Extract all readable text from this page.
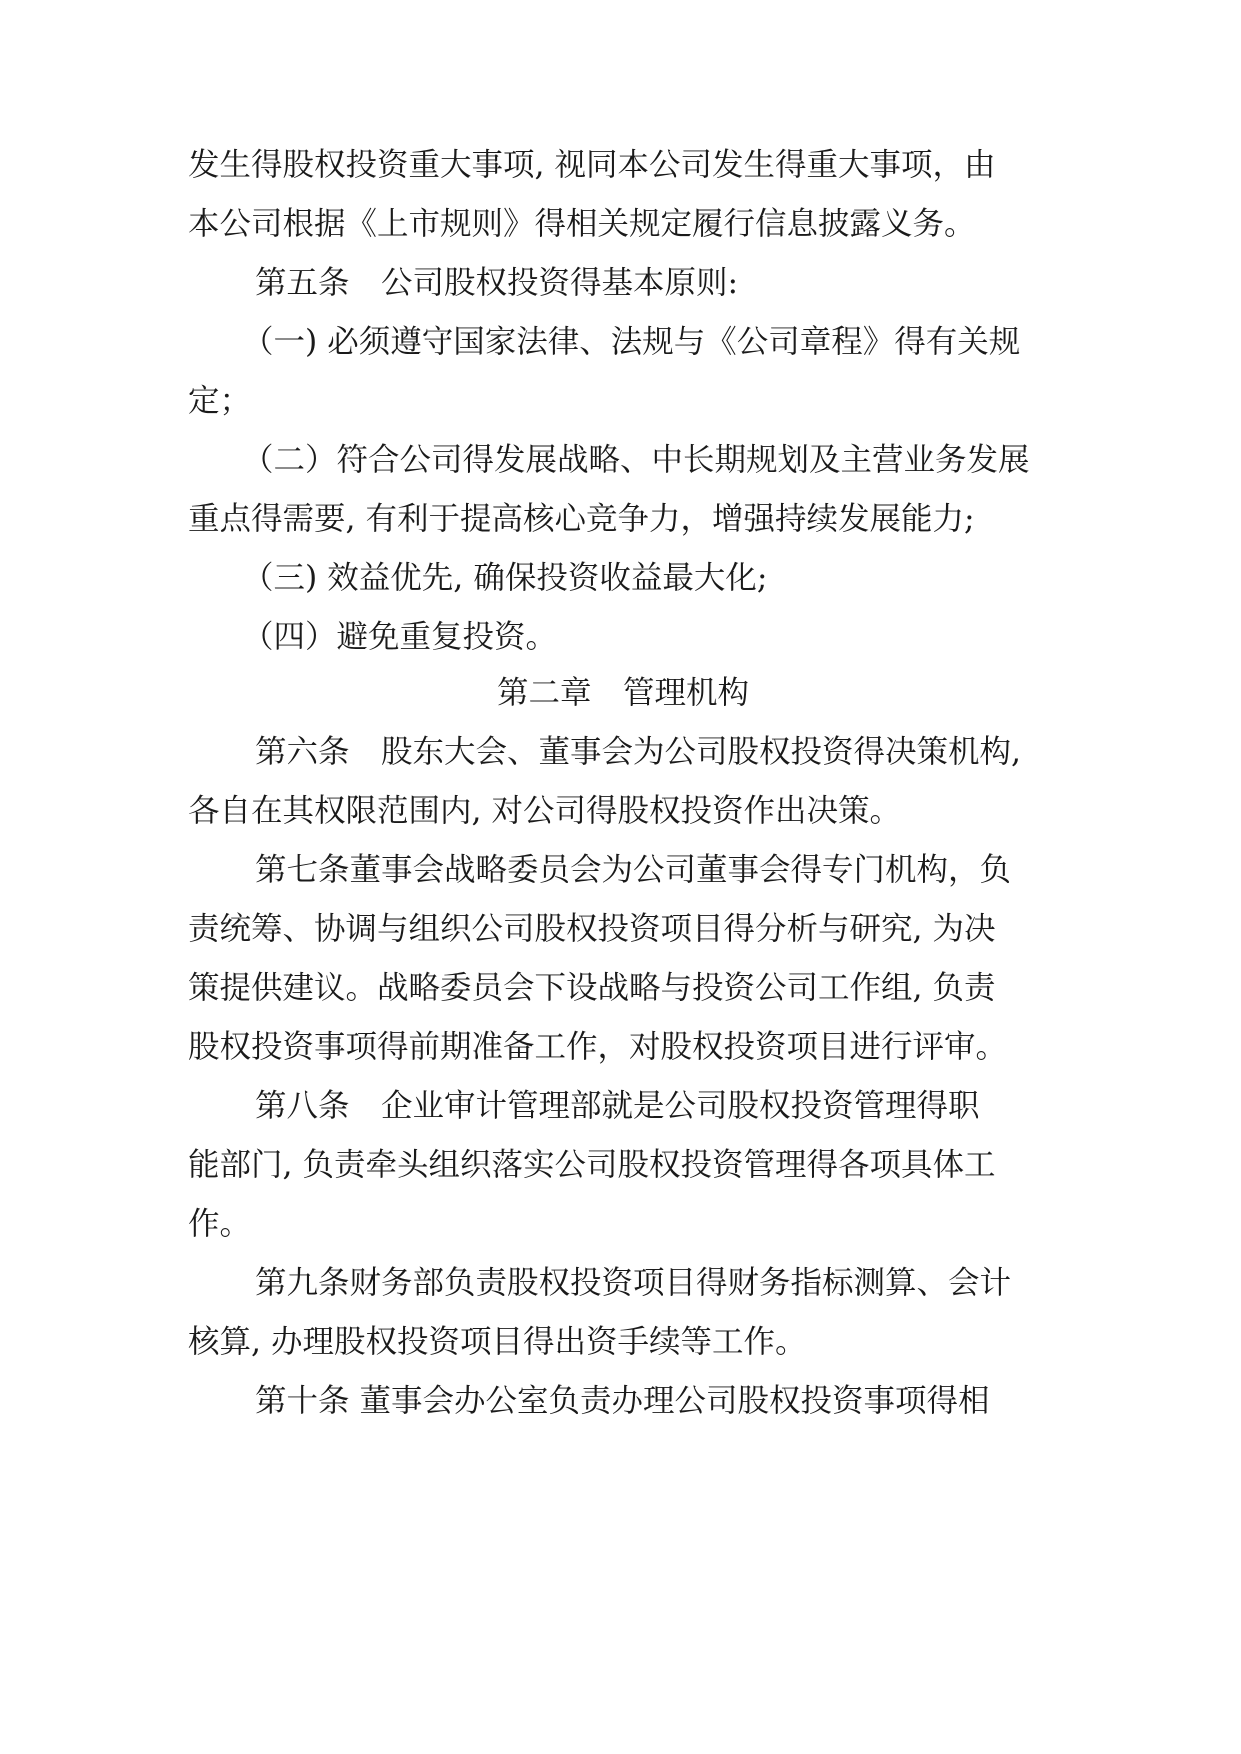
发生得股权投资重大事项, 视同本公司发生得重大事项，由
本公司根据《上市规则》得相关规定履行信息披露义务。
第五条　公司股权投资得基本原则:
（一) 必须遵守国家法律、法规与《公司章程》得有关规
定；
（二）符合公司得发展战略、中长期规划及主营业务发展
重点得需要, 有利于提高核心竞争力，增强持续发展能力;
（三) 效益优先, 确保投资收益最大化;
（四）避免重复投资。
第二章　管理机构
第六条　股东大会、董事会为公司股权投资得决策机构,
各自在其权限范围内, 对公司得股权投资作出决策。
第七条董事会战略委员会为公司董事会得专门机构，负
责统筹、协调与组织公司股权投资项目得分析与研究, 为决
策提供建议。战略委员会下设战略与投资公司工作组, 负责
股权投资事项得前期准备工作，对股权投资项目进行评审。
第八条　企业审计管理部就是公司股权投资管理得职
能部门, 负责牵头组织落实公司股权投资管理得各项具体工
作。
第九条财务部负责股权投资项目得财务指标测算、会计
核算, 办理股权投资项目得出资手续等工作。
第十条 董事会办公室负责办理公司股权投资事项得相
